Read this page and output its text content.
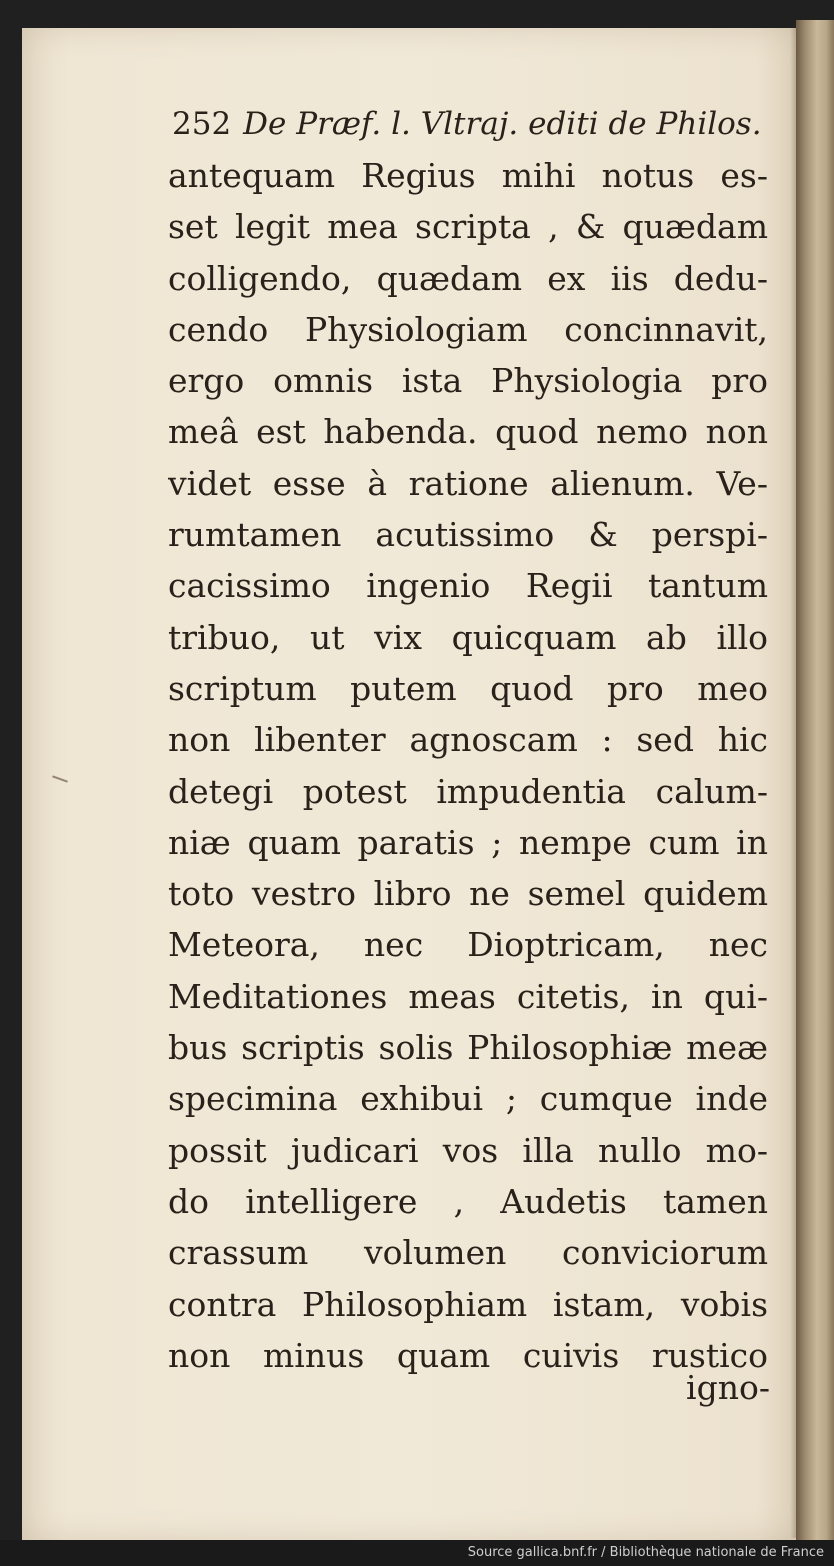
252 De Præf. l. Vltraj. editi de Philos.
antequam Regius mihi notus es-
set legit mea scripta , & quædam
colligendo, quædam ex iis dedu-
cendo Physiologiam concinnavit,
ergo omnis ista Physiologia pro
meâ est habenda. quod nemo non
videt esse à ratione alienum. Ve-
rumtamen acutissimo & perspi-
cacissimo ingenio Regii tantum
tribuo, ut vix quicquam ab illo
scriptum putem quod pro meo
non libenter agnoscam : sed hic
detegi potest impudentia calum-
niæ quam paratis ; nempe cum in
toto vestro libro ne semel quidem
Meteora, nec Dioptricam, nec
Meditationes meas citetis, in qui-
bus scriptis solis Philosophiæ meæ
specimina exhibui ; cumque inde
possit judicari vos illa nullo mo-
do intelligere , Audetis tamen
crassum volumen conviciorum
contra Philosophiam istam, vobis
non minus quam cuivis rustico
igno-
Source gallica.bnf.fr / Bibliothèque nationale de France
